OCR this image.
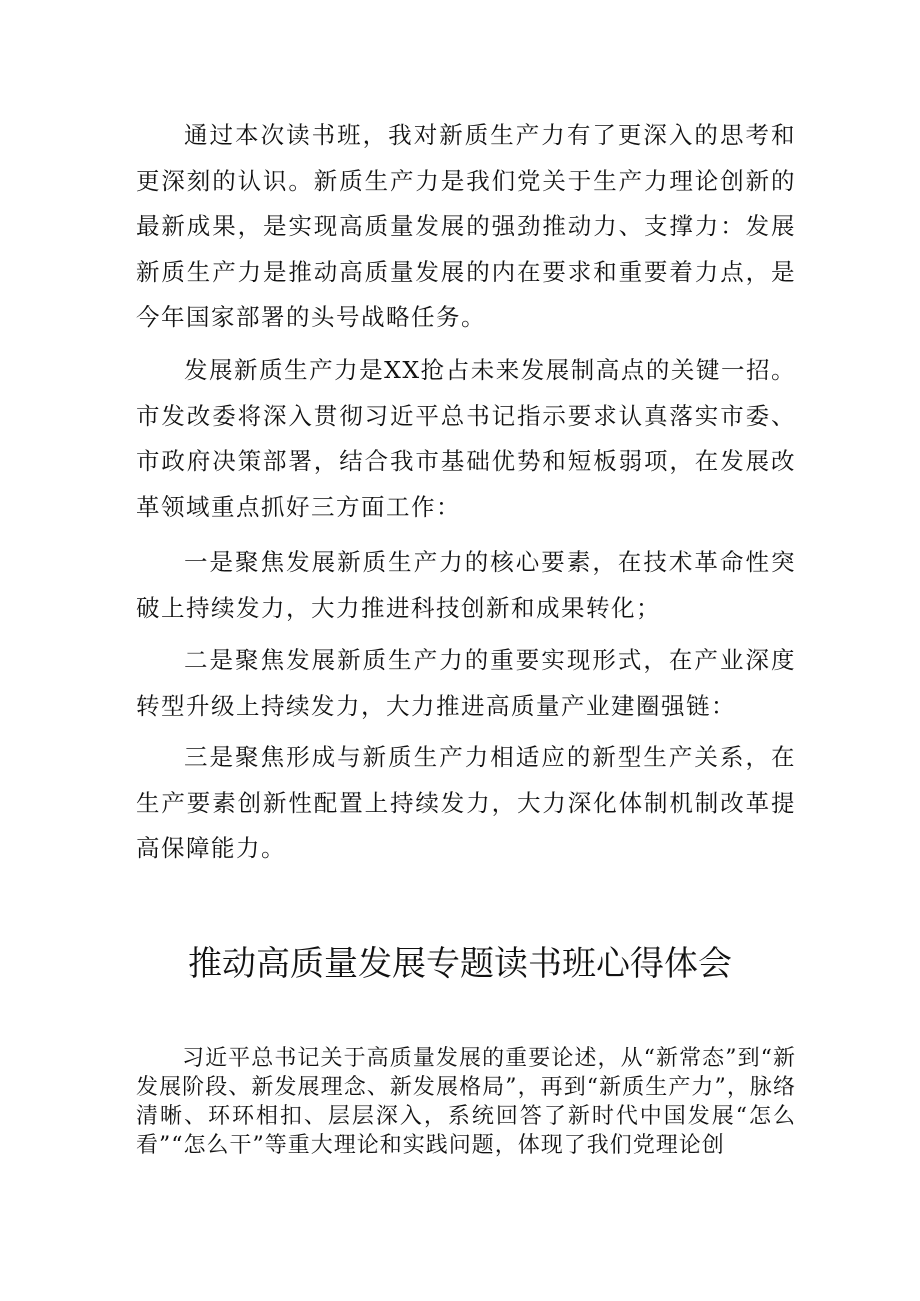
通过本次读书班，我对新质生产力有了更深入的思考和更深刻的认识。新质生产力是我们党关于生产力理论创新的最新成果，是实现高质量发展的强劲推动力、支撑力：发展新质生产力是推动高质量发展的内在要求和重要着力点，是今年国家部署的头号战略任务。

发展新质生产力是XX抢占未来发展制高点的关键一招。市发改委将深入贯彻习近平总书记指示要求认真落实市委、市政府决策部署，结合我市基础优势和短板弱项，在发展改革领域重点抓好三方面工作：

一是聚焦发展新质生产力的核心要素，在技术革命性突破上持续发力，大力推进科技创新和成果转化；

二是聚焦发展新质生产力的重要实现形式，在产业深度转型升级上持续发力，大力推进高质量产业建圈强链：

三是聚焦形成与新质生产力相适应的新型生产关系，在生产要素创新性配置上持续发力，大力深化体制机制改革提高保障能力。

推动高质量发展专题读书班心得体会

习近平总书记关于高质量发展的重要论述，从“新常态”到“新发展阶段、新发展理念、新发展格局”，再到“新质生产力”，脉络清晰、环环相扣、层层深入，系统回答了新时代中国发展“怎么看”“怎么干”等重大理论和实践问题，体现了我们党理论创
